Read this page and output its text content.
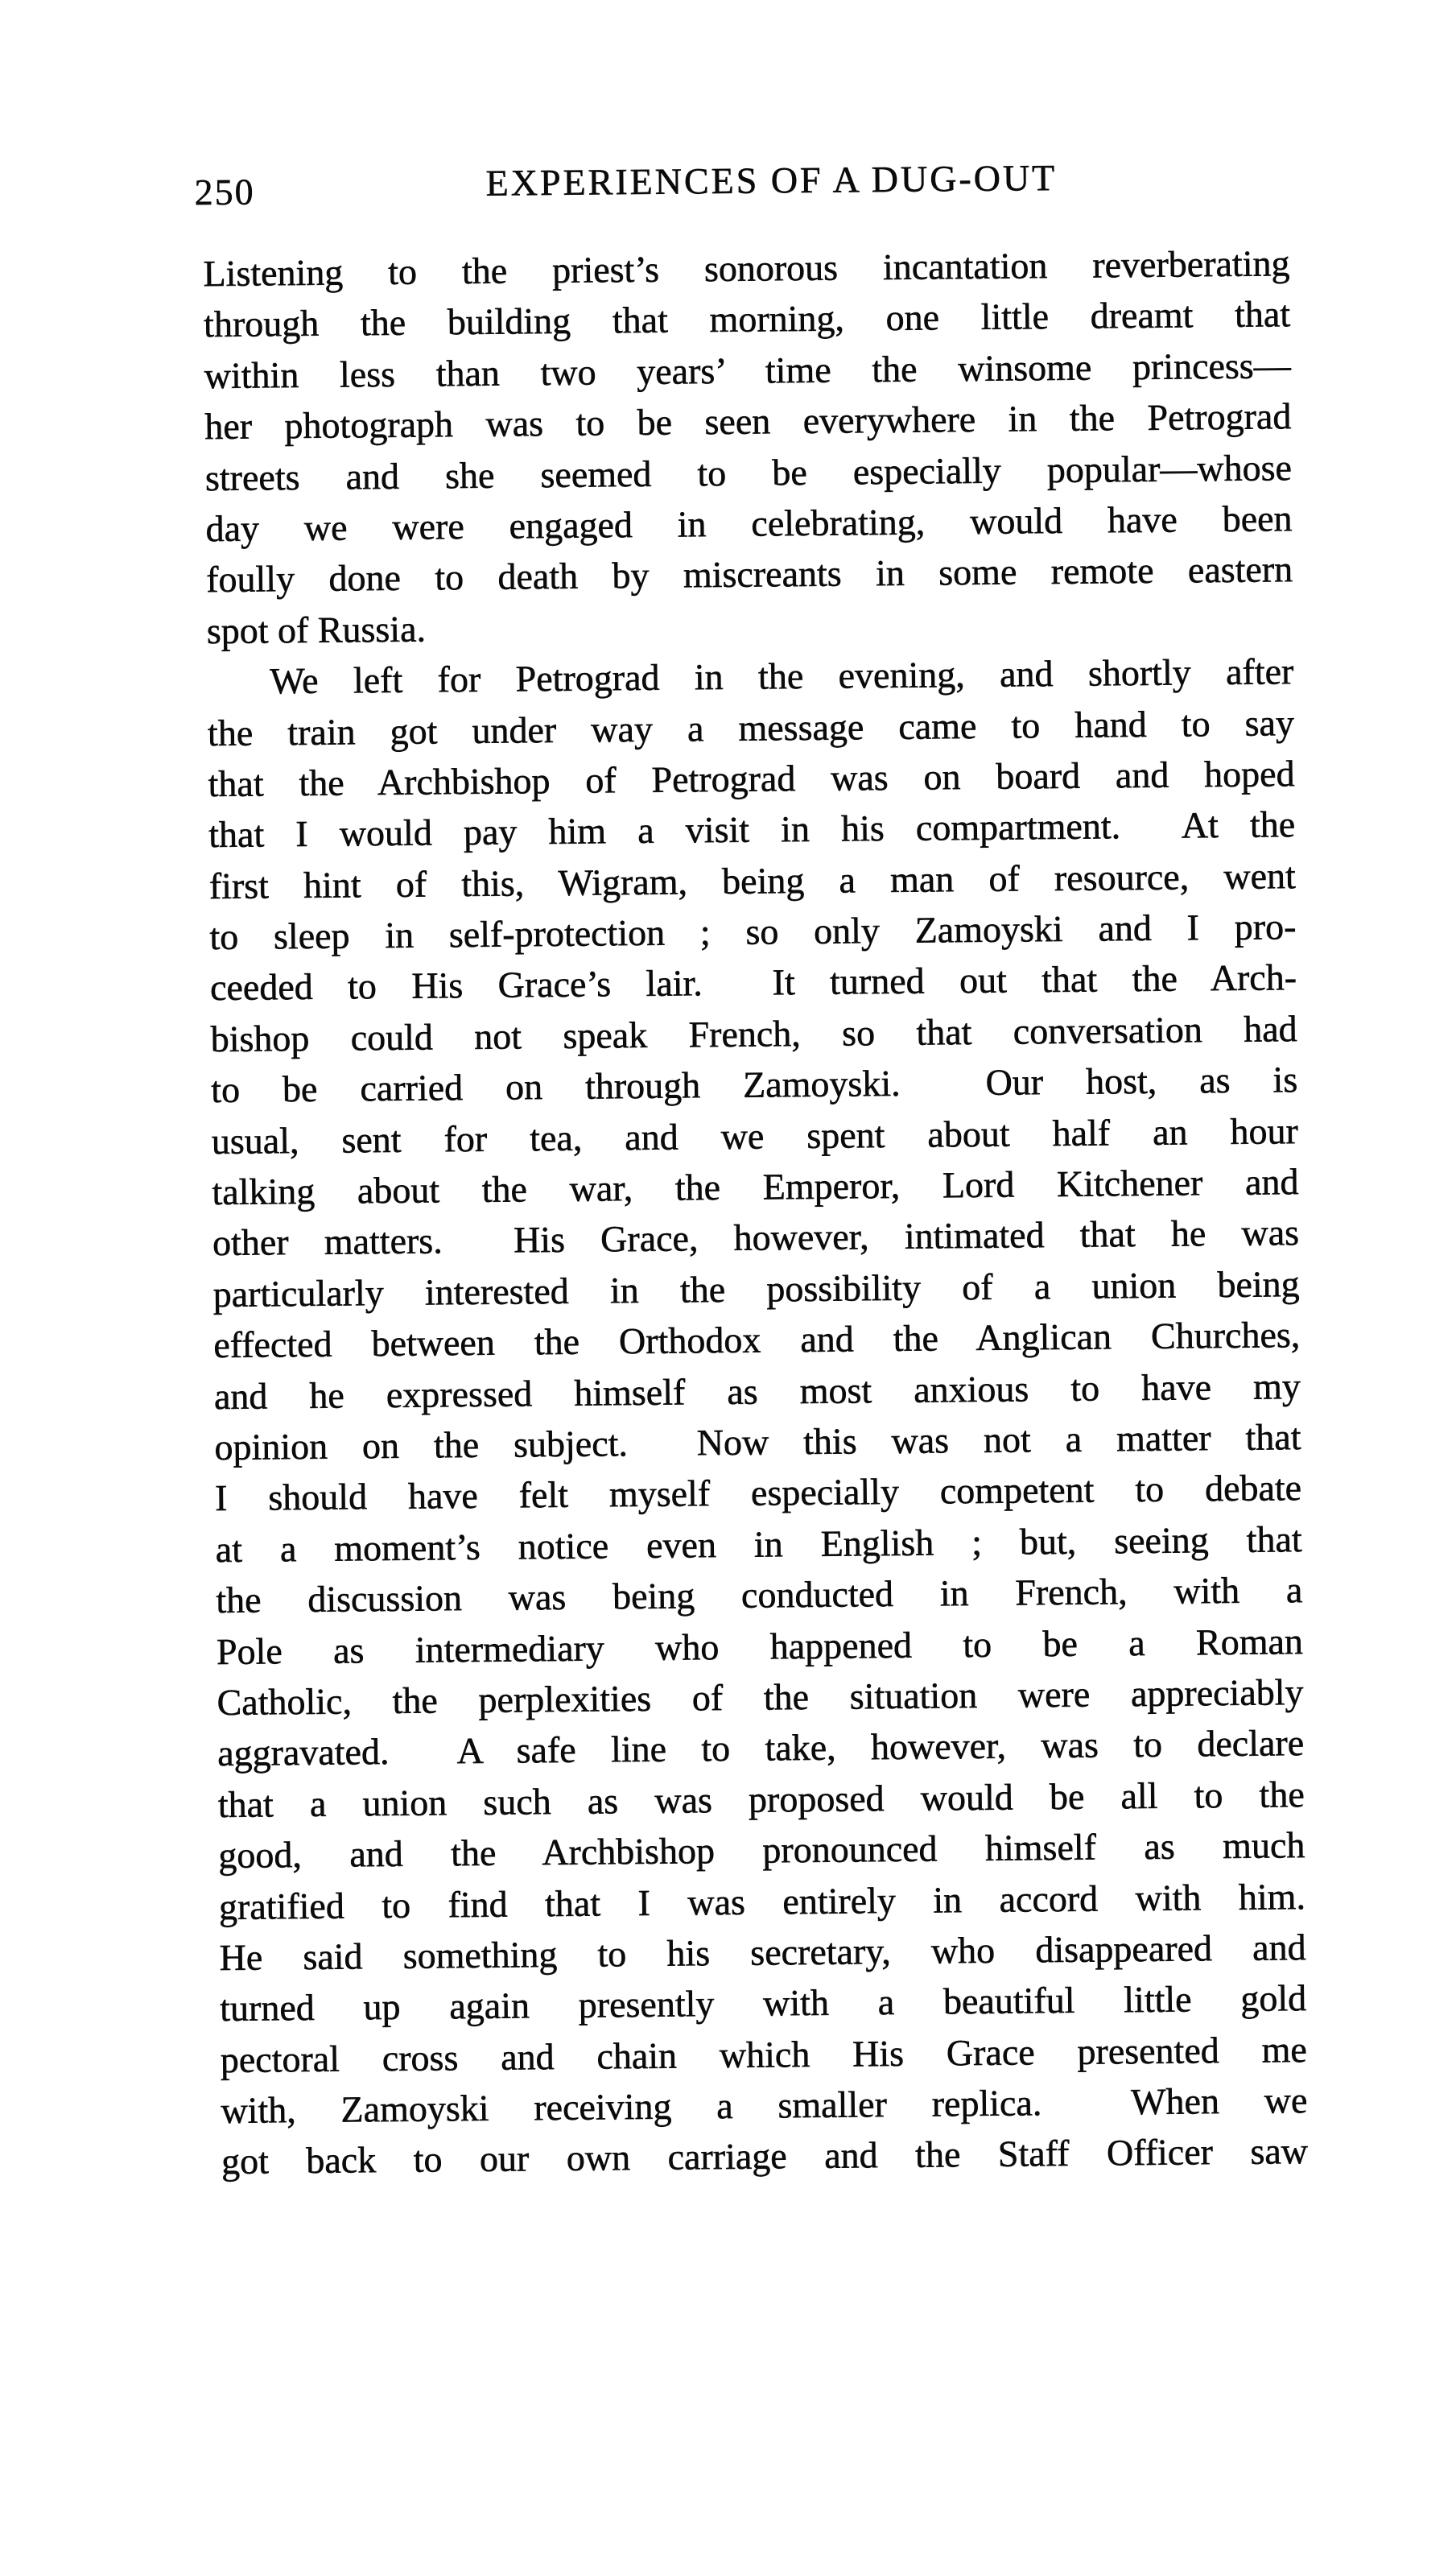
250	EXPERIENCES OF A DUG-OUT
Listening to the priest’s sonorous incantation reverberating
through the building that morning, one little dreamt that
within less than two years’ time the winsome princess—
her photograph was to be seen everywhere in the Petrograd
streets and she seemed to be especially popular—whose
day we were engaged in celebrating, would have been
foully done to death by miscreants in some remote eastern
spot of Russia.
We left for Petrograd in the evening, and shortly after
the train got under way a message came to hand to say
that the Archbishop of Petrograd was on board and hoped
that I would pay him a visit in his compartment.  At the
first hint of this, Wigram, being a man of resource, went
to sleep in self-protection ; so only Zamoyski and I pro-
ceeded to His Grace’s lair.  It turned out that the Arch-
bishop could not speak French, so that conversation had
to be carried on through Zamoyski.  Our host, as is
usual, sent for tea, and we spent about half an hour
talking about the war, the Emperor, Lord Kitchener and
other matters.  His Grace, however, intimated that he was
particularly interested in the possibility of a union being
effected between the Orthodox and the Anglican Churches,
and he expressed himself as most anxious to have my
opinion on the subject.  Now this was not a matter that
I should have felt myself especially competent to debate
at a moment’s notice even in English ; but, seeing that
the discussion was being conducted in French, with a
Pole as intermediary who happened to be a Roman
Catholic, the perplexities of the situation were appreciably
aggravated.  A safe line to take, however, was to declare
that a union such as was proposed would be all to the
good, and the Archbishop pronounced himself as much
gratified to find that I was entirely in accord with him.
He said something to his secretary, who disappeared and
turned up again presently with a beautiful little gold
pectoral cross and chain which His Grace presented me
with, Zamoyski receiving a smaller replica.  When we
got back to our own carriage and the Staff Officer saw
